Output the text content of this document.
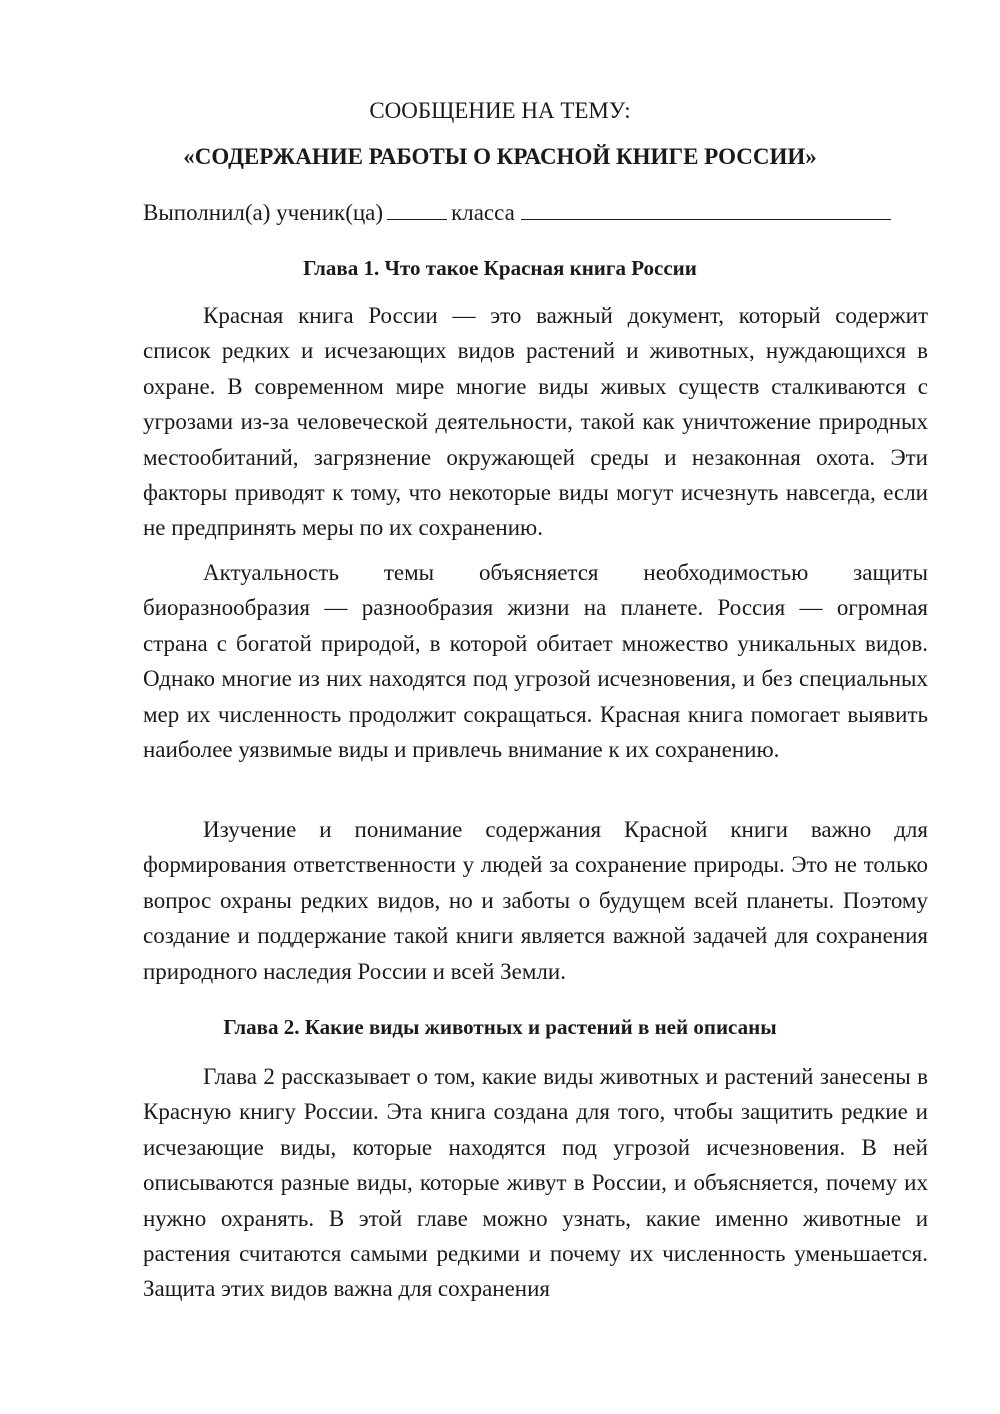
СООБЩЕНИЕ НА ТЕМУ:
«СОДЕРЖАНИЕ РАБОТЫ О КРАСНОЙ КНИГЕ РОССИИ»
Выполнил(а) ученик(ца)	класса
Глава 1. Что такое Красная книга России

Красная книга России — это важный документ, который содержит список редких и исчезающих видов растений и животных, нуждающихся в охране. В современном мире многие виды живых существ сталкиваются с угрозами из-за человеческой деятельности, такой как уничтожение природных местообитаний, загрязнение окружающей среды и незаконная охота. Эти факторы приводят к тому, что некоторые виды могут исчезнуть навсегда, если не предпринять меры по их сохранению.

Актуальность темы объясняется необходимостью защиты биоразнообразия — разнообразия жизни на планете. Россия — огромная страна с богатой природой, в которой обитает множество уникальных видов. Однако многие из них находятся под угрозой исчезновения, и без специальных мер их численность продолжит сокращаться. Красная книга помогает выявить наиболее уязвимые виды и привлечь внимание к их сохранению.

Изучение и понимание содержания Красной книги важно для формирования ответственности у людей за сохранение природы. Это не только вопрос охраны редких видов, но и заботы о будущем всей планеты. Поэтому создание и поддержание такой книги является важной задачей для сохранения природного наследия России и всей Земли.

Глава 2. Какие виды животных и растений в ней описаны

Глава 2 рассказывает о том, какие виды животных и растений занесены в Красную книгу России. Эта книга создана для того, чтобы защитить редкие и исчезающие виды, которые находятся под угрозой исчезновения. В ней описываются разные виды, которые живут в России, и объясняется, почему их нужно охранять. В этой главе можно узнать, какие именно животные и растения считаются самыми редкими и почему их численность уменьшается. Защита этих видов важна для сохранения
